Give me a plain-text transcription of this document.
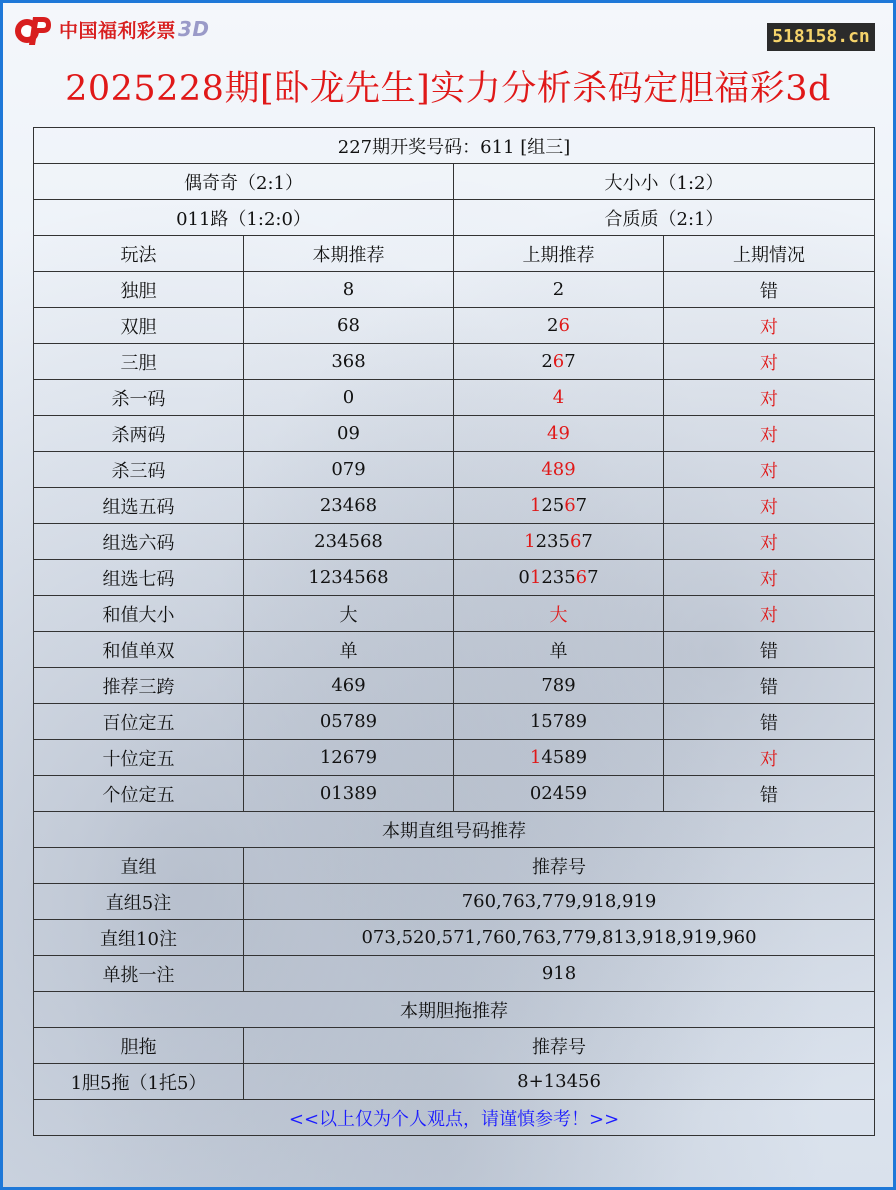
中国福利彩票 3D	518158.cn
2025228期[卧龙先生]实力分析杀码定胆福彩3d
227期开奖号码：611 [组三]			
偶奇奇（2:1）		大小小（1:2）	
011路（1:2:0）		合质质（2:1）	
玩法	本期推荐	上期推荐	上期情况
独胆	8	2	错
双胆	68	26	对
三胆	368	267	对
杀一码	0	4	对
杀两码	09	49	对
杀三码	079	489	对
组选五码	23468	12567	对
组选六码	234568	123567	对
组选七码	1234568	0123567	对
和值大小	大	大	对
和值单双	单	单	错
推荐三跨	469	789	错
百位定五	05789	15789	错
十位定五	12679	14589	对
个位定五	01389	02459	错
本期直组号码推荐			
直组	推荐号		
直组5注	760,763,779,918,919		
直组10注	073,520,571,760,763,779,813,918,919,960		
单挑一注	918		
本期胆拖推荐			
胆拖	推荐号		
1胆5拖（1托5）	8+13456		
<<以上仅为个人观点，请谨慎参考！>>			
